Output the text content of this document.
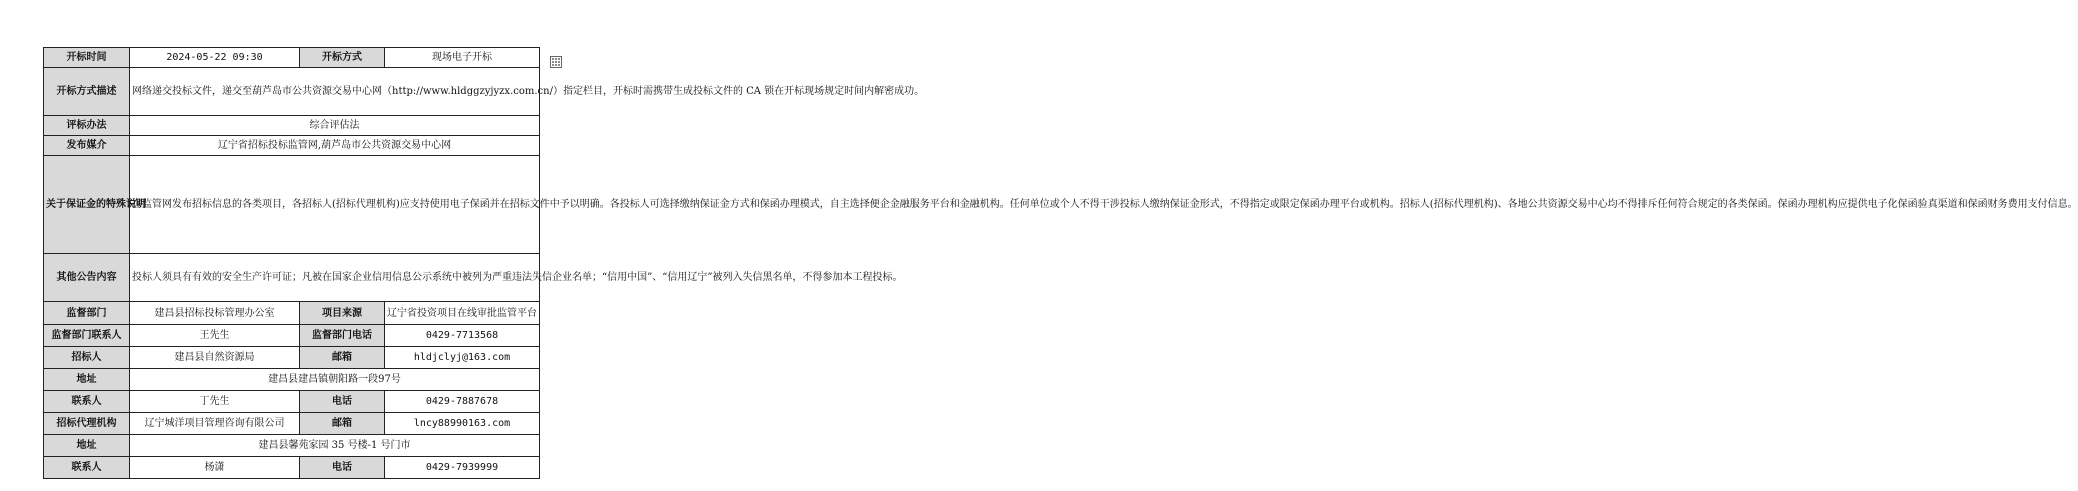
开标时间	2024-05-22 09:30	开标方式	现场电子开标
开标方式描述	网络递交投标文件，递交至葫芦岛市公共资源交易中心网（http://www.hldggzyjyzx.com.cn/）指定栏目，开标时需携带生成投标文件的 CA 锁在开标现场规定时间内解密成功。		
评标办法	综合评估法		
发布媒介	辽宁省招标投标监管网,葫芦岛市公共资源交易中心网		
关于保证金的特殊说明	在监管网发布招标信息的各类项目，各招标人(招标代理机构)应支持使用电子保函并在招标文件中予以明确。各投标人可选择缴纳保证金方式和保函办理模式，自主选择便企金融服务平台和金融机构。任何单位或个人不得干涉投标人缴纳保证金形式，不得指定或限定保函办理平台或机构。招标人(招标代理机构)、各地公共资源交易中心均不得排斥任何符合规定的各类保函。保函办理机构应提供电子化保函验真渠道和保函财务费用支付信息。		
其他公告内容	投标人须具有有效的安全生产许可证；凡被在国家企业信用信息公示系统中被列为严重违法失信企业名单；“信用中国”、“信用辽宁”被列入失信黑名单，不得参加本工程投标。		
监督部门	建昌县招标投标管理办公室	项目来源	辽宁省投资项目在线审批监管平台
监督部门联系人	王先生	监督部门电话	0429-7713568
招标人	建昌县自然资源局	邮箱	hldjclyj@163.com
地址	建昌县建昌镇朝阳路一段97号		
联系人	丁先生	电话	0429-7887678
招标代理机构	辽宁城洋项目管理咨询有限公司	邮箱	lncy88990163.com
地址	建昌县馨苑家园 35 号楼-1 号门市		
联系人	杨潇	电话	0429-7939999
